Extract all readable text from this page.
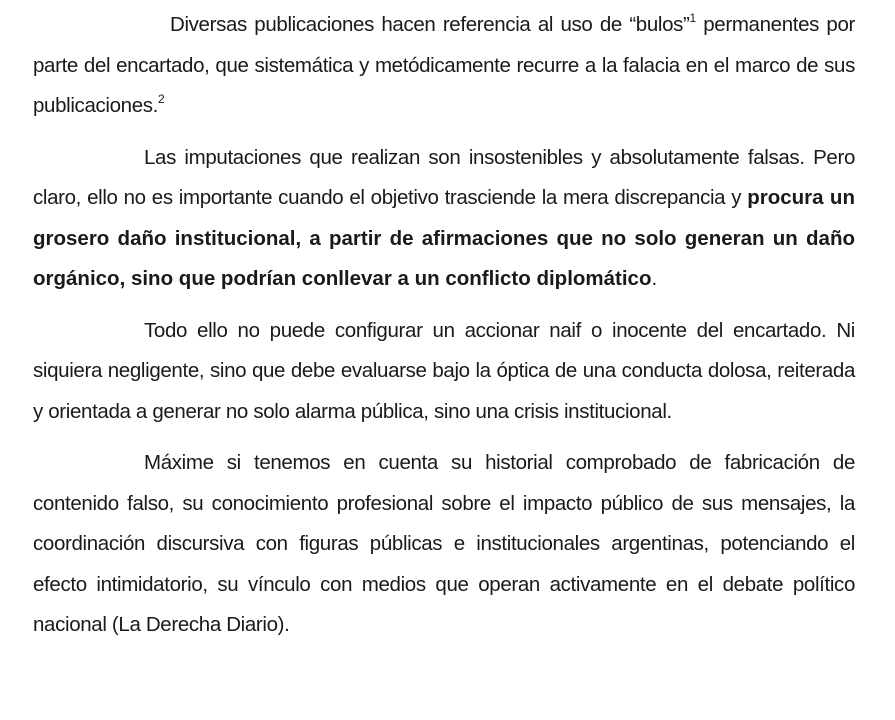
Diversas publicaciones hacen referencia al uso de “bulos”$^1$ permanentes por parte del encartado, que sistemática y metódicamente recurre a la falacia en el marco de sus publicaciones.$^2$

Las imputaciones que realizan son insostenibles y absolutamente falsas. Pero claro, ello no es importante cuando el objetivo trasciende la mera discrepancia y procura un grosero daño institucional, a partir de afirmaciones que no solo generan un daño orgánico, sino que podrían conllevar a un conflicto diplomático.

Todo ello no puede configurar un accionar naif o inocente del encartado. Ni siquiera negligente, sino que debe evaluarse bajo la óptica de una conducta dolosa, reiterada y orientada a generar no solo alarma pública, sino una crisis institucional.

Máxime si tenemos en cuenta su historial comprobado de fabricación de contenido falso, su conocimiento profesional sobre el impacto público de sus mensajes, la coordinación discursiva con figuras públicas e institucionales argentinas, potenciando el efecto intimidatorio, su vínculo con medios que operan activamente en el debate político nacional (La Derecha Diario).
